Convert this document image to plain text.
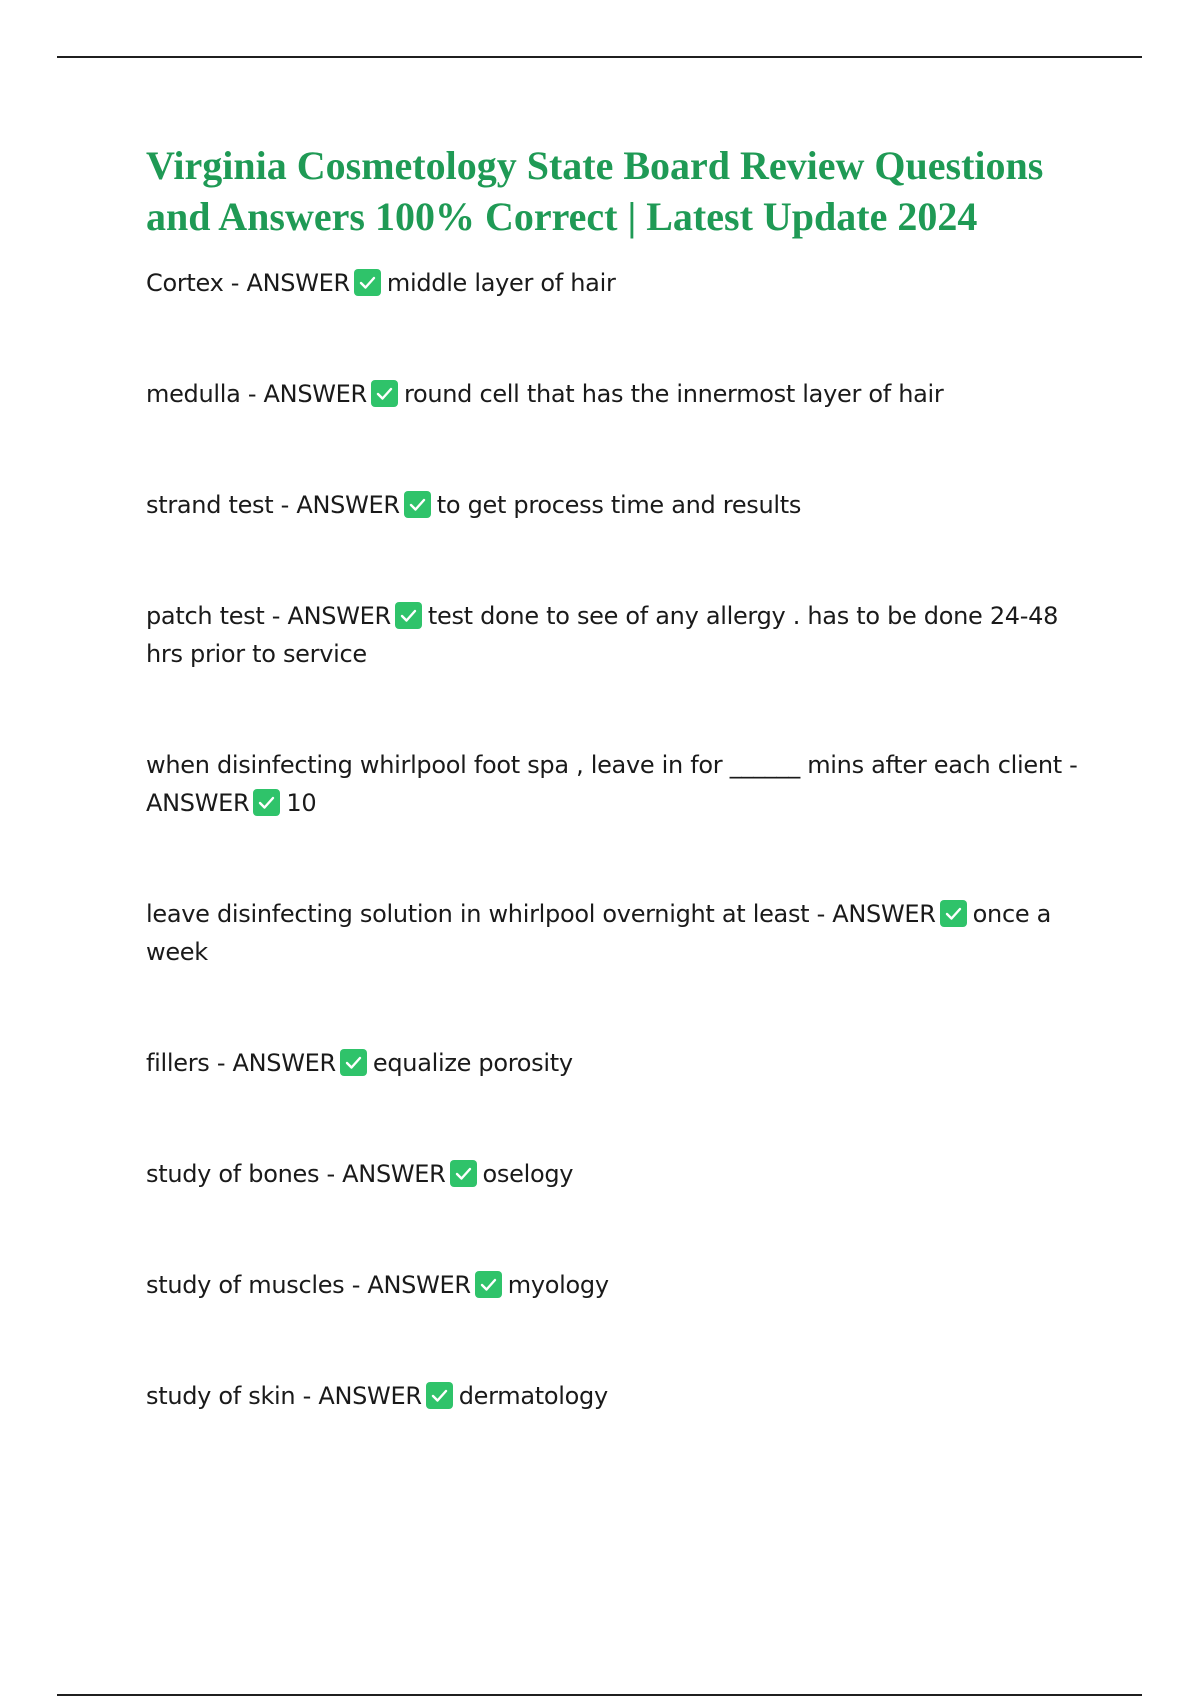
Virginia Cosmetology State Board Review Questions
and Answers 100% Correct | Latest Update 2024

Cortex - ANSWER middle layer of hair

medulla - ANSWER round cell that has the innermost layer of hair

strand test - ANSWER to get process time and results

patch test - ANSWER test done to see of any allergy . has to be done 24-48 hrs prior to service

when disinfecting whirlpool foot spa , leave in for ______ mins after each client - ANSWER 10

leave disinfecting solution in whirlpool overnight at least - ANSWER once a week

fillers - ANSWER equalize porosity

study of bones - ANSWER oselogy

study of muscles - ANSWER myology

study of skin - ANSWER dermatology
